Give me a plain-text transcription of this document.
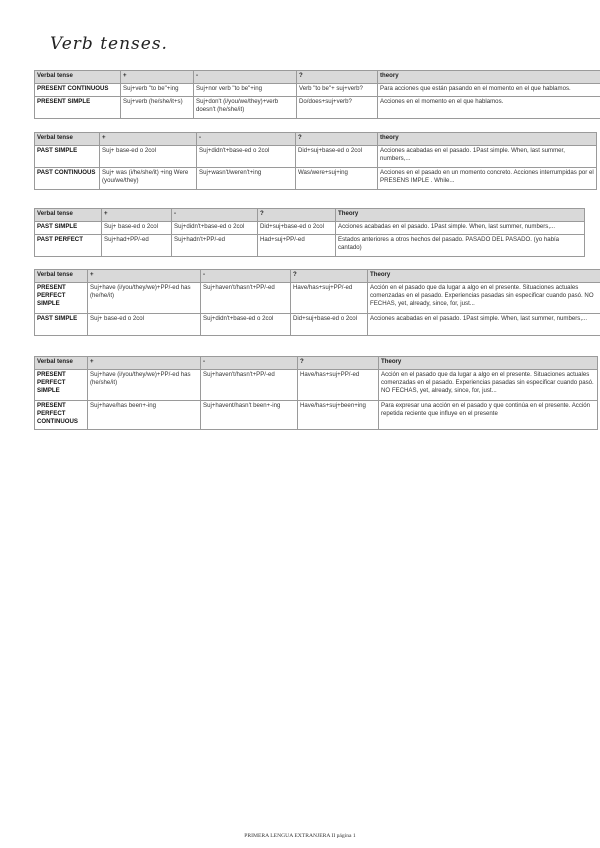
Verb tenses.
Verbal tense	+	-	?	theory
PRESENT CONTINUOUS	Suj+verb "to be"+ing	Suj+nor verb "to be"+ing	Verb "to be"+ suj+verb?	Para acciones que están pasando en el momento en el que hablamos.
PRESENT SIMPLE	Suj+verb (he/she/it+s)	Suj+don't (i/you/we/they)+verb doesn't (he/she/it)	Do/does+suj+verb?	Acciones en el momento en el que hablamos.
Verbal tense	+	-	?	theory
PAST SIMPLE	Suj+ base-ed o 2col	Suj+didn't+base-ed o 2col	Did+suj+base-ed o 2col	Acciones acabadas en el pasado. 1Past simple. When, last summer, numbers,...
PAST CONTINUOUS	Suj+ was (i/he/she/it) +ing Were (you/we/they)	Suj+wasn't/weren't+ing	Was/were+suj+ing	Acciones en el pasado en un momento concreto. Acciones interrumpidas por el PRESENS IMPLE . While...
Verbal tense	+	-	?	Theory
PAST SIMPLE	Suj+ base-ed o 2col	Suj+didn't+base-ed o 2col	Did+suj+base-ed o 2col	Acciones acabadas en el pasado. 1Past simple. When, last summer, numbers,...
PAST PERFECT	Suj+had+PP/-ed	Suj+hadn't+PP/-ed	Had+suj+PP/-ed	Estados anteriores a otros hechos del pasado. PASADO DEL PASADO. (yo había cantado)
Verbal tense	+	-	?	Theory
PRESENT PERFECT SIMPLE	Suj+have (i/you/they/we)+PP/-ed has (he/he/it)	Suj+haven't/hasn't+PP/-ed	Have/has+suj+PP/-ed	Acción en el pasado que da lugar a algo en el presente. Situaciones actuales comenzadas en el pasado. Experiencias pasadas sin especificar cuando pasó. NO FECHAS, yet, already, since, for, just...
PAST SIMPLE	Suj+ base-ed o 2col	Suj+didn't+base-ed o 2col	Did+suj+base-ed o 2col	Acciones acabadas en el pasado. 1Past simple. When, last summer, numbers,...
Verbal tense	+	-	?	Theory
PRESENT PERFECT SIMPLE	Suj+have (i/you/they/we)+PP/-ed has (he/she/it)	Suj+haven't/hasn't+PP/-ed	Have/has+suj+PP/-ed	Acción en el pasado que da lugar a algo en el presente. Situaciones actuales comenzadas en el pasado. Experiencias pasadas sin especificar cuando pasó. NO FECHAS, yet, already, since, for, just...
PRESENT PERFECT CONTINUOUS	Suj+have/has been+-ing	Suj+havent/hasn't been+-ing	Have/has+suj+been+ing	Para expresar una acción en el pasado y que continúa en el presente. Acción repetida reciente que influye en el presente
PRIMERA LENGUA EXTRANJERA II página 1
